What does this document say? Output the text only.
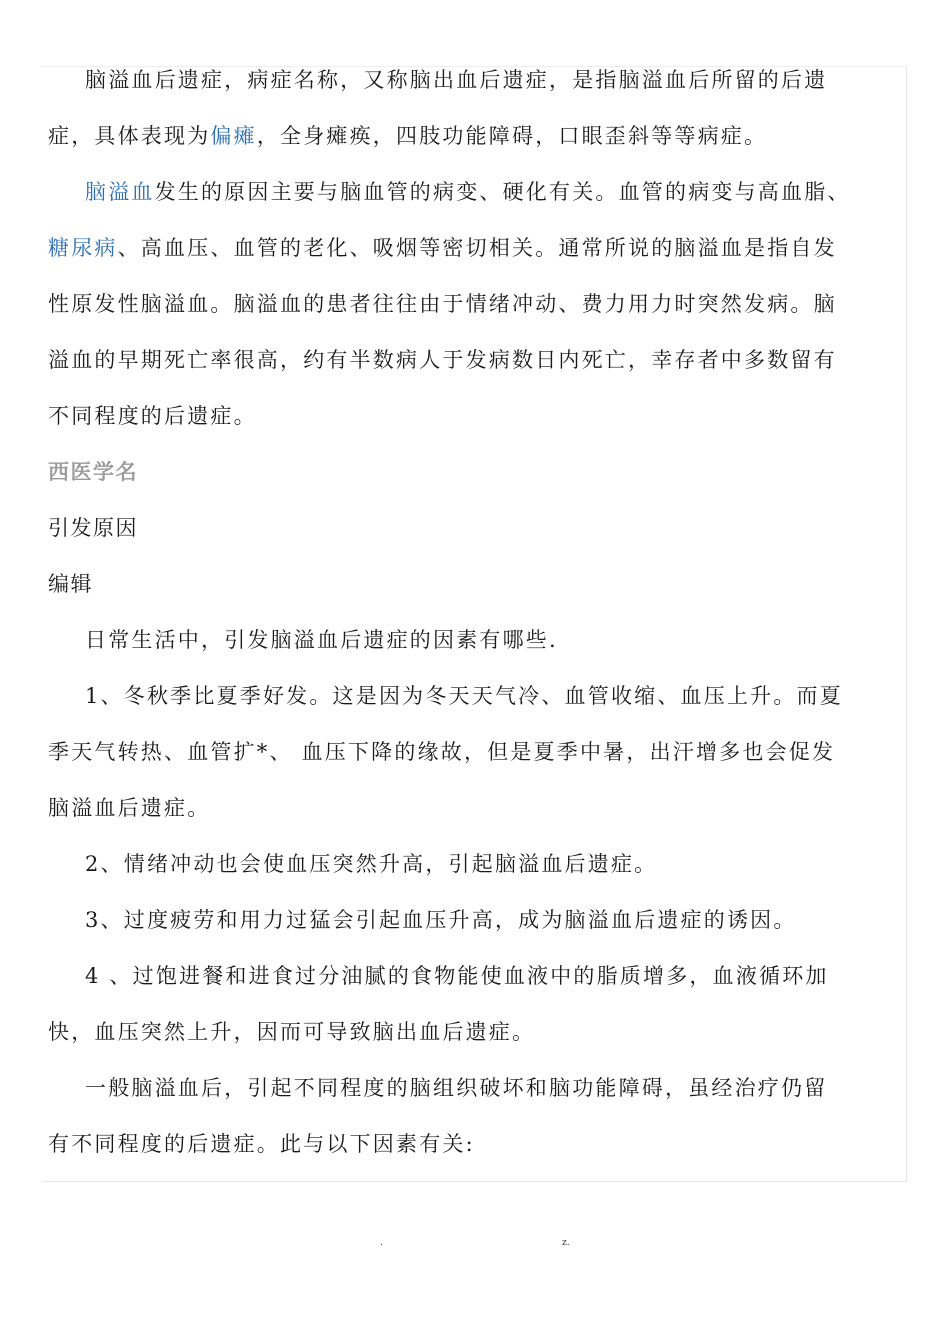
脑溢血后遗症，病症名称，又称脑出血后遗症，是指脑溢血后所留的后遗
症，具体表现为偏瘫，全身瘫痪，四肢功能障碍，口眼歪斜等等病症。
脑溢血发生的原因主要与脑血管的病变、硬化有关。血管的病变与高血脂、
糖尿病、高血压、血管的老化、吸烟等密切相关。通常所说的脑溢血是指自发
性原发性脑溢血。脑溢血的患者往往由于情绪冲动、费力用力时突然发病。脑
溢血的早期死亡率很高，约有半数病人于发病数日内死亡，幸存者中多数留有
不同程度的后遗症。
西医学名
引发原因
编辑
日常生活中，引发脑溢血后遗症的因素有哪些.
1、冬秋季比夏季好发。这是因为冬天天气冷、血管收缩、血压上升。而夏
季天气转热、血管扩*、 血压下降的缘故，但是夏季中暑，出汗增多也会促发
脑溢血后遗症。
2、情绪冲动也会使血压突然升高，引起脑溢血后遗症。
3、过度疲劳和用力过猛会引起血压升高，成为脑溢血后遗症的诱因。
4 、过饱进餐和进食过分油腻的食物能使血液中的脂质增多，血液循环加
快，血压突然上升，因而可导致脑出血后遗症。
一般脑溢血后，引起不同程度的脑组织破坏和脑功能障碍，虽经治疗仍留
有不同程度的后遗症。此与以下因素有关:
.	z.
